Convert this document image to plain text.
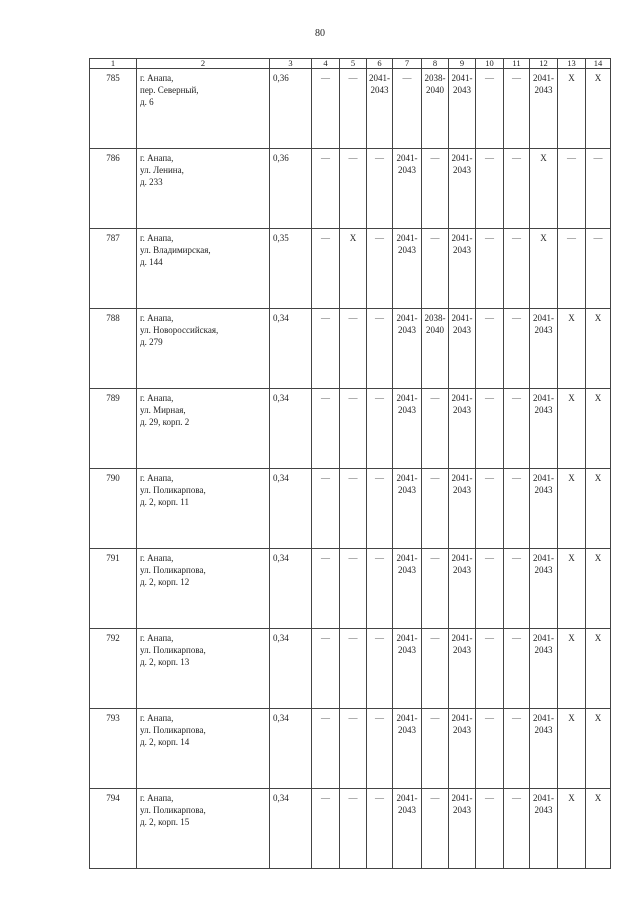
80
1	2	3	4	5	6	7	8	9	10	11	12	13	14
785	г. Анапа,
пер. Северный,
д. 6	0,36	—	—	2041-
2043	—	2038-
2040	2041-
2043	—	—	2041-
2043	X	X

786	г. Анапа,
ул. Ленина,
д. 233	0,36	—	—	—	2041-
2043	—	2041-
2043	—	—	X	—	—

787	г. Анапа,
ул. Владимирская,
д. 144	0,35	—	X	—	2041-
2043	—	2041-
2043	—	—	X	—	—

788	г. Анапа,
ул. Новороссийская,
д. 279	0,34	—	—	—	2041-
2043	2038-
2040	2041-
2043	—	—	2041-
2043	X	X

789	г. Анапа,
ул. Мирная,
д. 29, корп. 2	0,34	—	—	—	2041-
2043	—	2041-
2043	—	—	2041-
2043	X	X

790	г. Анапа,
ул. Поликарпова,
д. 2, корп. 11	0,34	—	—	—	2041-
2043	—	2041-
2043	—	—	2041-
2043	X	X

791	г. Анапа,
ул. Поликарпова,
д. 2, корп. 12	0,34	—	—	—	2041-
2043	—	2041-
2043	—	—	2041-
2043	X	X

792	г. Анапа,
ул. Поликарпова,
д. 2, корп. 13	0,34	—	—	—	2041-
2043	—	2041-
2043	—	—	2041-
2043	X	X

793	г. Анапа,
ул. Поликарпова,
д. 2, корп. 14	0,34	—	—	—	2041-
2043	—	2041-
2043	—	—	2041-
2043	X	X

794	г. Анапа,
ул. Поликарпова,
д. 2, корп. 15	0,34	—	—	—	2041-
2043	—	2041-
2043	—	—	2041-
2043	X	X
